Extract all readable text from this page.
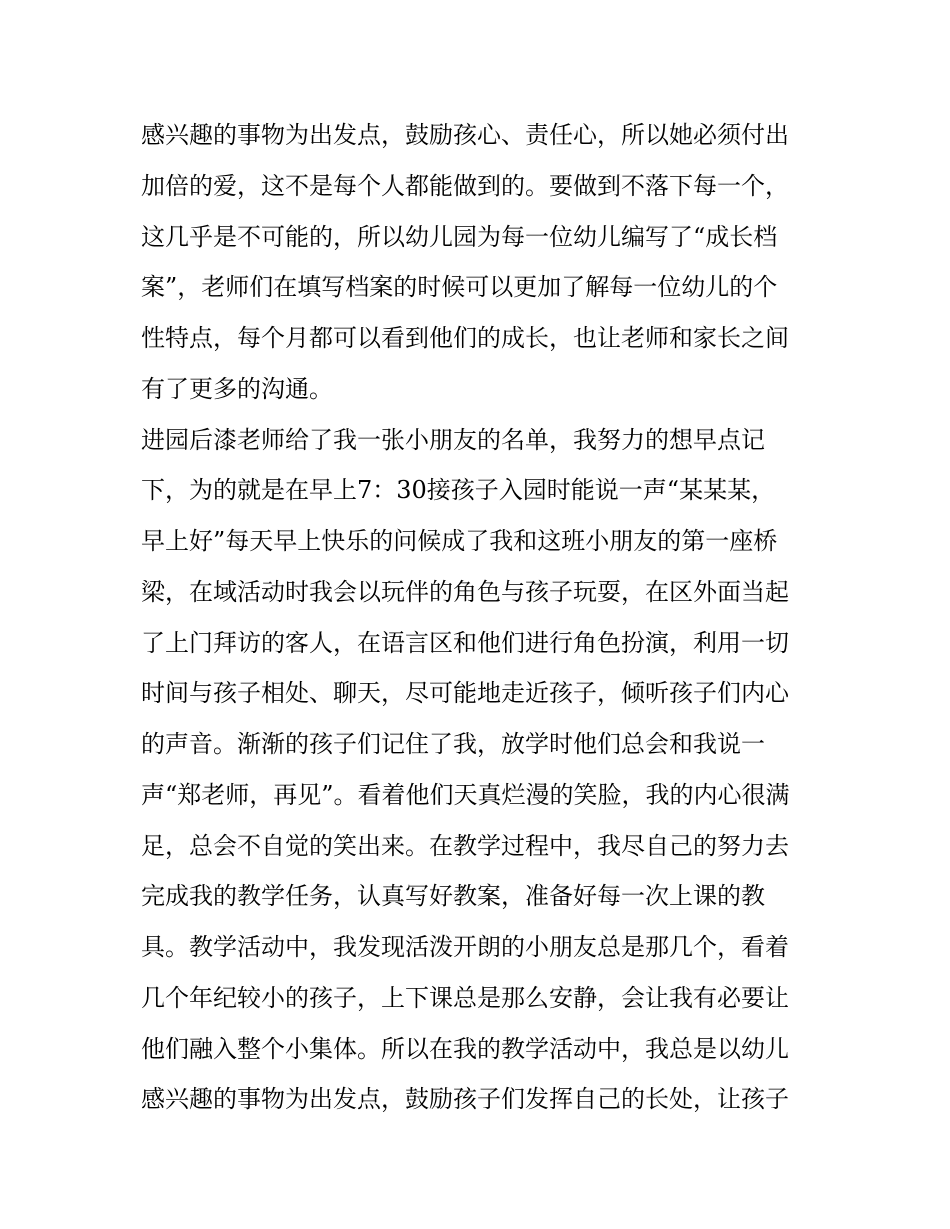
感兴趣的事物为出发点，鼓励孩心、责任心，所以她必须付出
加倍的爱，这不是每个人都能做到的。要做到不落下每一个，
这几乎是不可能的，所以幼儿园为每一位幼儿编写了“成长档
案”，老师们在填写档案的时候可以更加了解每一位幼儿的个
性特点，每个月都可以看到他们的成长，也让老师和家长之间
有了更多的沟通。
进园后漆老师给了我一张小朋友的名单，我努力的想早点记
下，为的就是在早上7：30接孩子入园时能说一声“某某某，
早上好”每天早上快乐的问候成了我和这班小朋友的第一座桥
梁，在域活动时我会以玩伴的角色与孩子玩耍，在区外面当起
了上门拜访的客人，在语言区和他们进行角色扮演，利用一切
时间与孩子相处、聊天，尽可能地走近孩子，倾听孩子们内心
的声音。渐渐的孩子们记住了我，放学时他们总会和我说一
声“郑老师，再见”。看着他们天真烂漫的笑脸，我的内心很满
足，总会不自觉的笑出来。在教学过程中，我尽自己的努力去
完成我的教学任务，认真写好教案，准备好每一次上课的教
具。教学活动中，我发现活泼开朗的小朋友总是那几个，看着
几个年纪较小的孩子，上下课总是那么安静，会让我有必要让
他们融入整个小集体。所以在我的教学活动中，我总是以幼儿
感兴趣的事物为出发点，鼓励孩子们发挥自己的长处，让孩子
